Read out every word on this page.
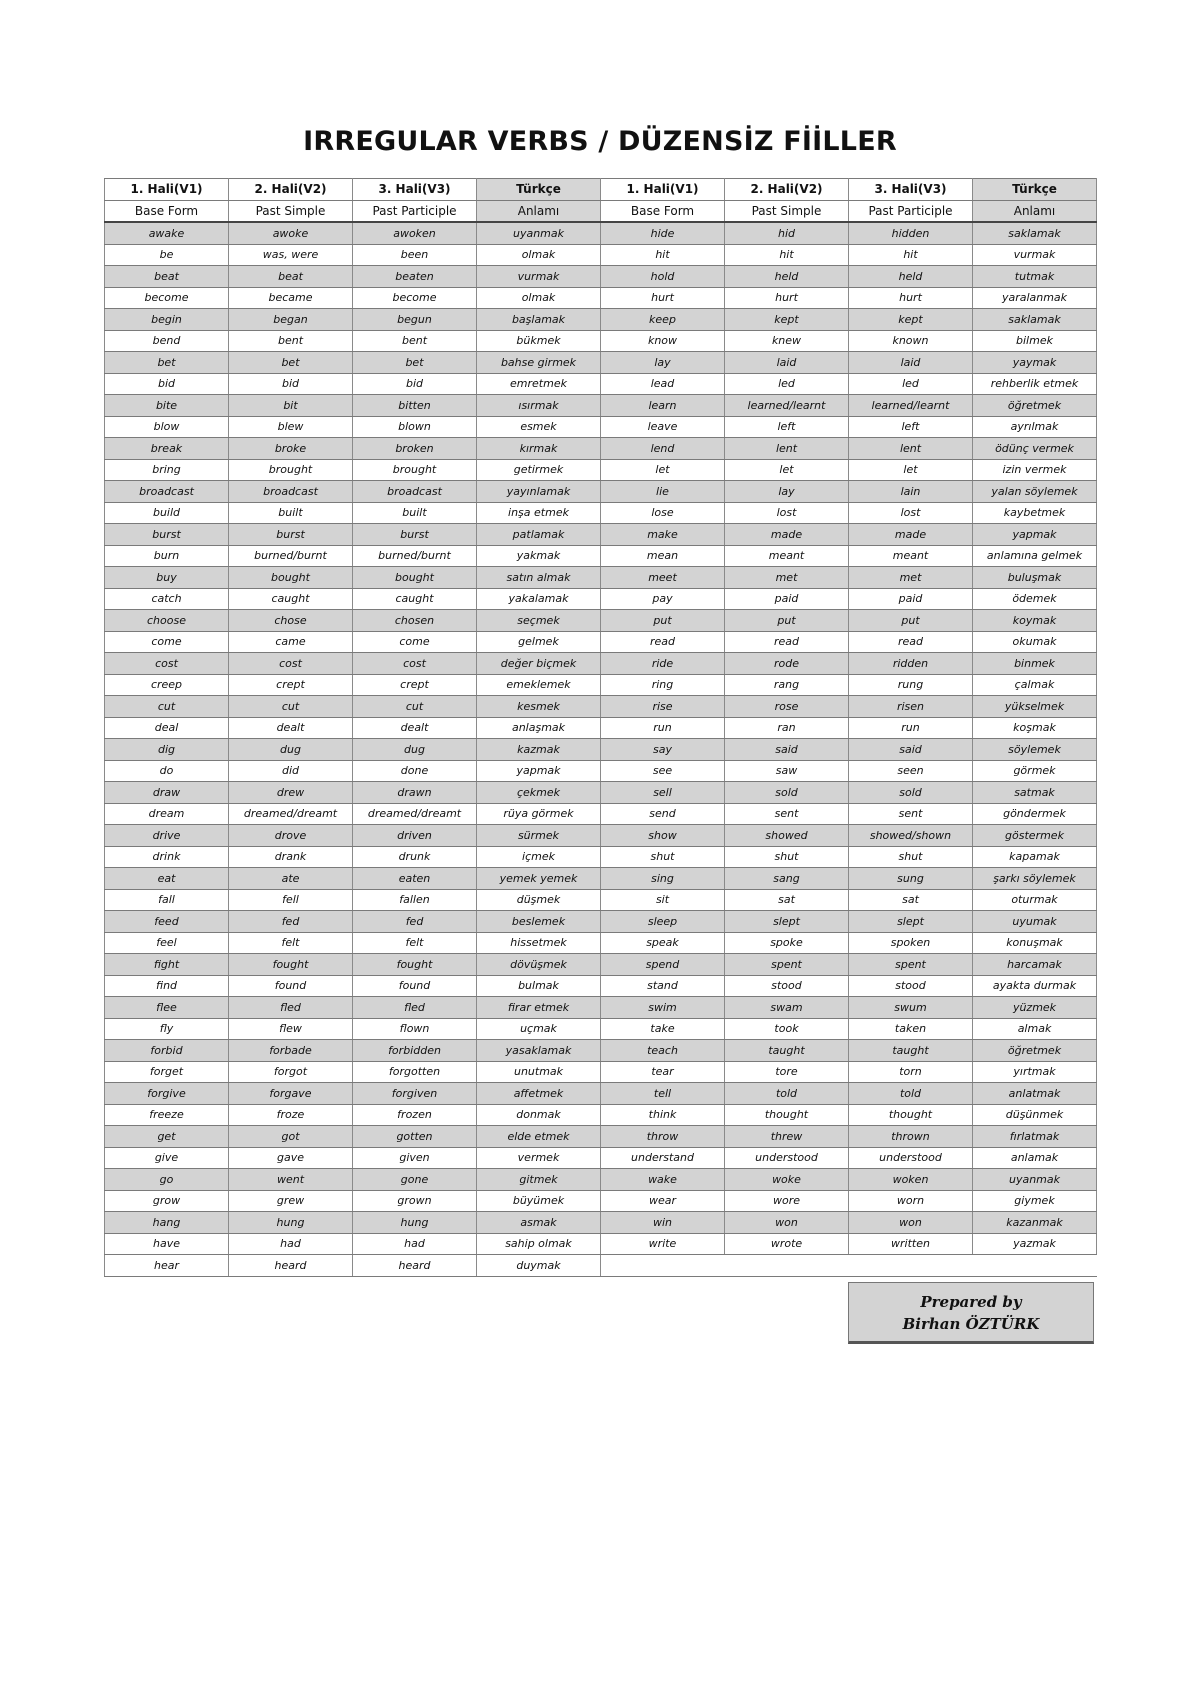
IRREGULAR VERBS / DÜZENSİZ FİİLLER
1. Hali(V1)	2. Hali(V2)	3. Hali(V3)	Türkçe	1. Hali(V1)	2. Hali(V2)	3. Hali(V3)	Türkçe
Base Form	Past Simple	Past Participle	Anlamı	Base Form	Past Simple	Past Participle	Anlamı
awake	awoke	awoken	uyanmak	hide	hid	hidden	saklamak
be	was, were	been	olmak	hit	hit	hit	vurmak
beat	beat	beaten	vurmak	hold	held	held	tutmak
become	became	become	olmak	hurt	hurt	hurt	yaralanmak
begin	began	begun	başlamak	keep	kept	kept	saklamak
bend	bent	bent	bükmek	know	knew	known	bilmek
bet	bet	bet	bahse girmek	lay	laid	laid	yaymak
bid	bid	bid	emretmek	lead	led	led	rehberlik etmek
bite	bit	bitten	ısırmak	learn	learned/learnt	learned/learnt	öğretmek
blow	blew	blown	esmek	leave	left	left	ayrılmak
break	broke	broken	kırmak	lend	lent	lent	ödünç vermek
bring	brought	brought	getirmek	let	let	let	izin vermek
broadcast	broadcast	broadcast	yayınlamak	lie	lay	lain	yalan söylemek
build	built	built	inşa etmek	lose	lost	lost	kaybetmek
burst	burst	burst	patlamak	make	made	made	yapmak
burn	burned/burnt	burned/burnt	yakmak	mean	meant	meant	anlamına gelmek
buy	bought	bought	satın almak	meet	met	met	buluşmak
catch	caught	caught	yakalamak	pay	paid	paid	ödemek
choose	chose	chosen	seçmek	put	put	put	koymak
come	came	come	gelmek	read	read	read	okumak
cost	cost	cost	değer biçmek	ride	rode	ridden	binmek
creep	crept	crept	emeklemek	ring	rang	rung	çalmak
cut	cut	cut	kesmek	rise	rose	risen	yükselmek
deal	dealt	dealt	anlaşmak	run	ran	run	koşmak
dig	dug	dug	kazmak	say	said	said	söylemek
do	did	done	yapmak	see	saw	seen	görmek
draw	drew	drawn	çekmek	sell	sold	sold	satmak
dream	dreamed/dreamt	dreamed/dreamt	rüya görmek	send	sent	sent	göndermek
drive	drove	driven	sürmek	show	showed	showed/shown	göstermek
drink	drank	drunk	içmek	shut	shut	shut	kapamak
eat	ate	eaten	yemek yemek	sing	sang	sung	şarkı söylemek
fall	fell	fallen	düşmek	sit	sat	sat	oturmak
feed	fed	fed	beslemek	sleep	slept	slept	uyumak
feel	felt	felt	hissetmek	speak	spoke	spoken	konuşmak
fight	fought	fought	dövüşmek	spend	spent	spent	harcamak
find	found	found	bulmak	stand	stood	stood	ayakta durmak
flee	fled	fled	firar etmek	swim	swam	swum	yüzmek
fly	flew	flown	uçmak	take	took	taken	almak
forbid	forbade	forbidden	yasaklamak	teach	taught	taught	öğretmek
forget	forgot	forgotten	unutmak	tear	tore	torn	yırtmak
forgive	forgave	forgiven	affetmek	tell	told	told	anlatmak
freeze	froze	frozen	donmak	think	thought	thought	düşünmek
get	got	gotten	elde etmek	throw	threw	thrown	fırlatmak
give	gave	given	vermek	understand	understood	understood	anlamak
go	went	gone	gitmek	wake	woke	woken	uyanmak
grow	grew	grown	büyümek	wear	wore	worn	giymek
hang	hung	hung	asmak	win	won	won	kazanmak
have	had	had	sahip olmak	write	wrote	written	yazmak
hear	heard	heard	duymak				
Prepared by
Birhan ÖZTÜRK
